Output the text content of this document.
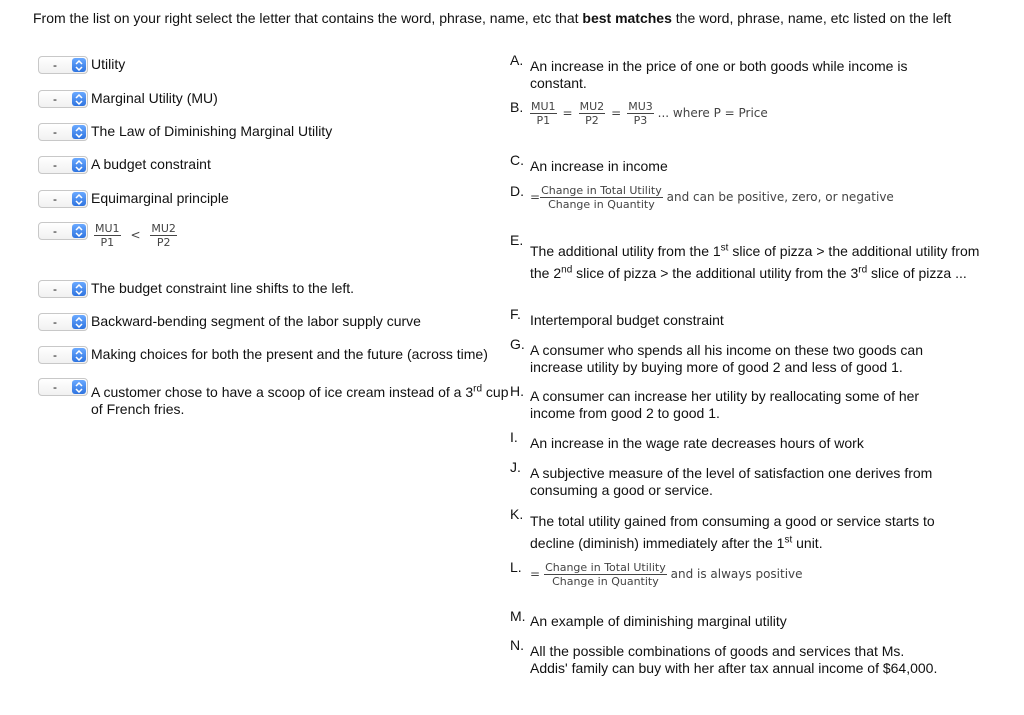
From the list on your right select the letter that contains the word, phrase, name, etc that best matches the word, phrase, name, etc listed on the left
-	Utility
-	Marginal Utility (MU)
-	The Law of Diminishing Marginal Utility
-	A budget constraint
-	Equimarginal principle
-	$\frac{MU1}{P1} < \frac{MU2}{P2}$
-	The budget constraint line shifts to the left.
-	Backward-bending segment of the labor supply curve
-	Making choices for both the present and the future (across time)
-	A customer chose to have a scoop of ice cream instead of a 3rd cup of French fries.
A. An increase in the price of one or both goods while income is constant.
B. $\frac{MU1}{P1} = \frac{MU2}{P2} = \frac{MU3}{P3}$ ... where P = Price
C. An increase in income
D. = $\frac{\text{Change in Total Utility}}{\text{Change in Quantity}}$ and can be positive, zero, or negative
E.
The additional utility from the 1st slice of pizza > the additional utility from the 2nd slice of pizza > the additional utility from the 3rd slice of pizza ...
F. Intertemporal budget constraint
G. A consumer who spends all his income on these two goods can increase utility by buying more of good 2 and less of good 1.
H. A consumer can increase her utility by reallocating some of her income from good 2 to good 1.
I. An increase in the wage rate decreases hours of work
J. A subjective measure of the level of satisfaction one derives from consuming a good or service.
K. The total utility gained from consuming a good or service starts to decline (diminish) immediately after the 1st unit.
L. = $\frac{\text{Change in Total Utility}}{\text{Change in Quantity}}$ and is always positive
M. An example of diminishing marginal utility
N. All the possible combinations of goods and services that Ms. Addis' family can buy with her after tax annual income of $64,000.
